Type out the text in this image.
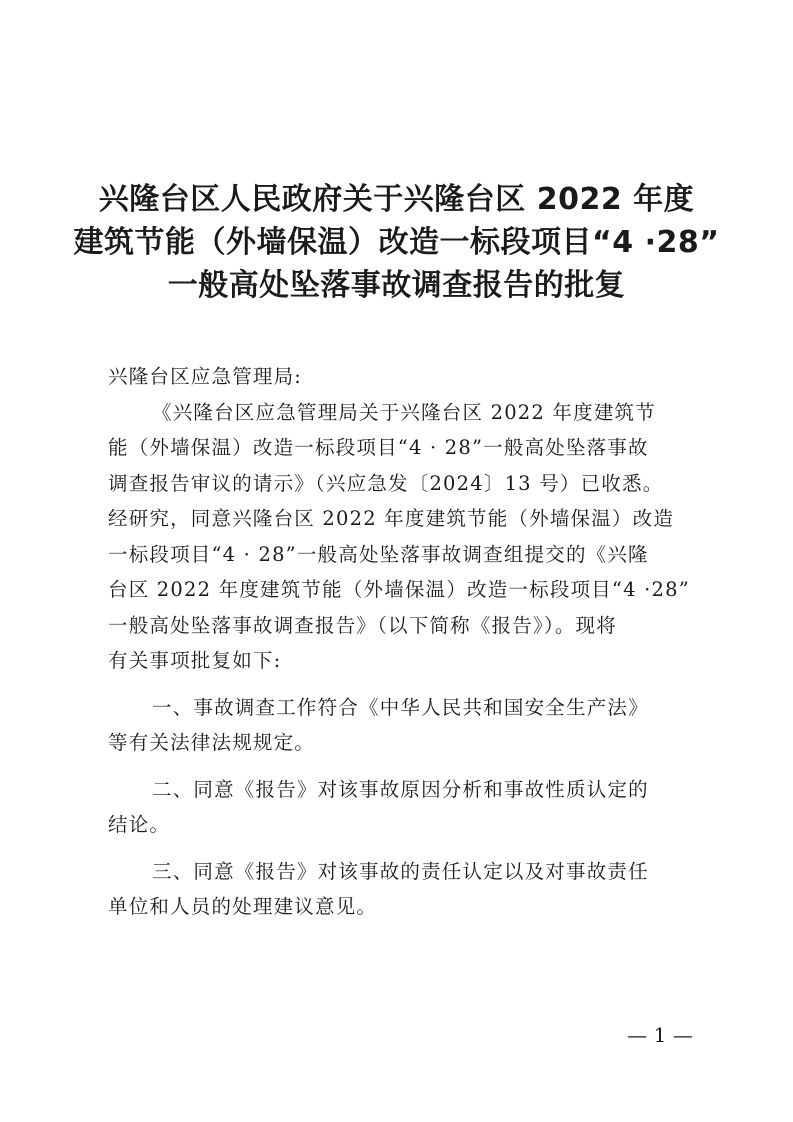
兴隆台区人民政府关于兴隆台区 2022 年度
建筑节能（外墙保温）改造一标段项目“4 ·28”
一般高处坠落事故调查报告的批复
兴隆台区应急管理局:
《兴隆台区应急管理局关于兴隆台区 2022 年度建筑节
能（外墙保温）改造一标段项目“4 · 28”一般高处坠落事故
调查报告审议的请示》（兴应急发〔2024〕13 号）已收悉。
经研究，同意兴隆台区 2022 年度建筑节能（外墙保温）改造
一标段项目“4 · 28”一般高处坠落事故调查组提交的《兴隆
台区 2022 年度建筑节能（外墙保温）改造一标段项目“4 ·28”
一般高处坠落事故调查报告》（以下简称《报告》）。现将
有关事项批复如下:
一、事故调查工作符合《中华人民共和国安全生产法》
等有关法律法规规定。
二、同意《报告》对该事故原因分析和事故性质认定的
结论。
三、同意《报告》对该事故的责任认定以及对事故责任
单位和人员的处理建议意见。
— 1 —
